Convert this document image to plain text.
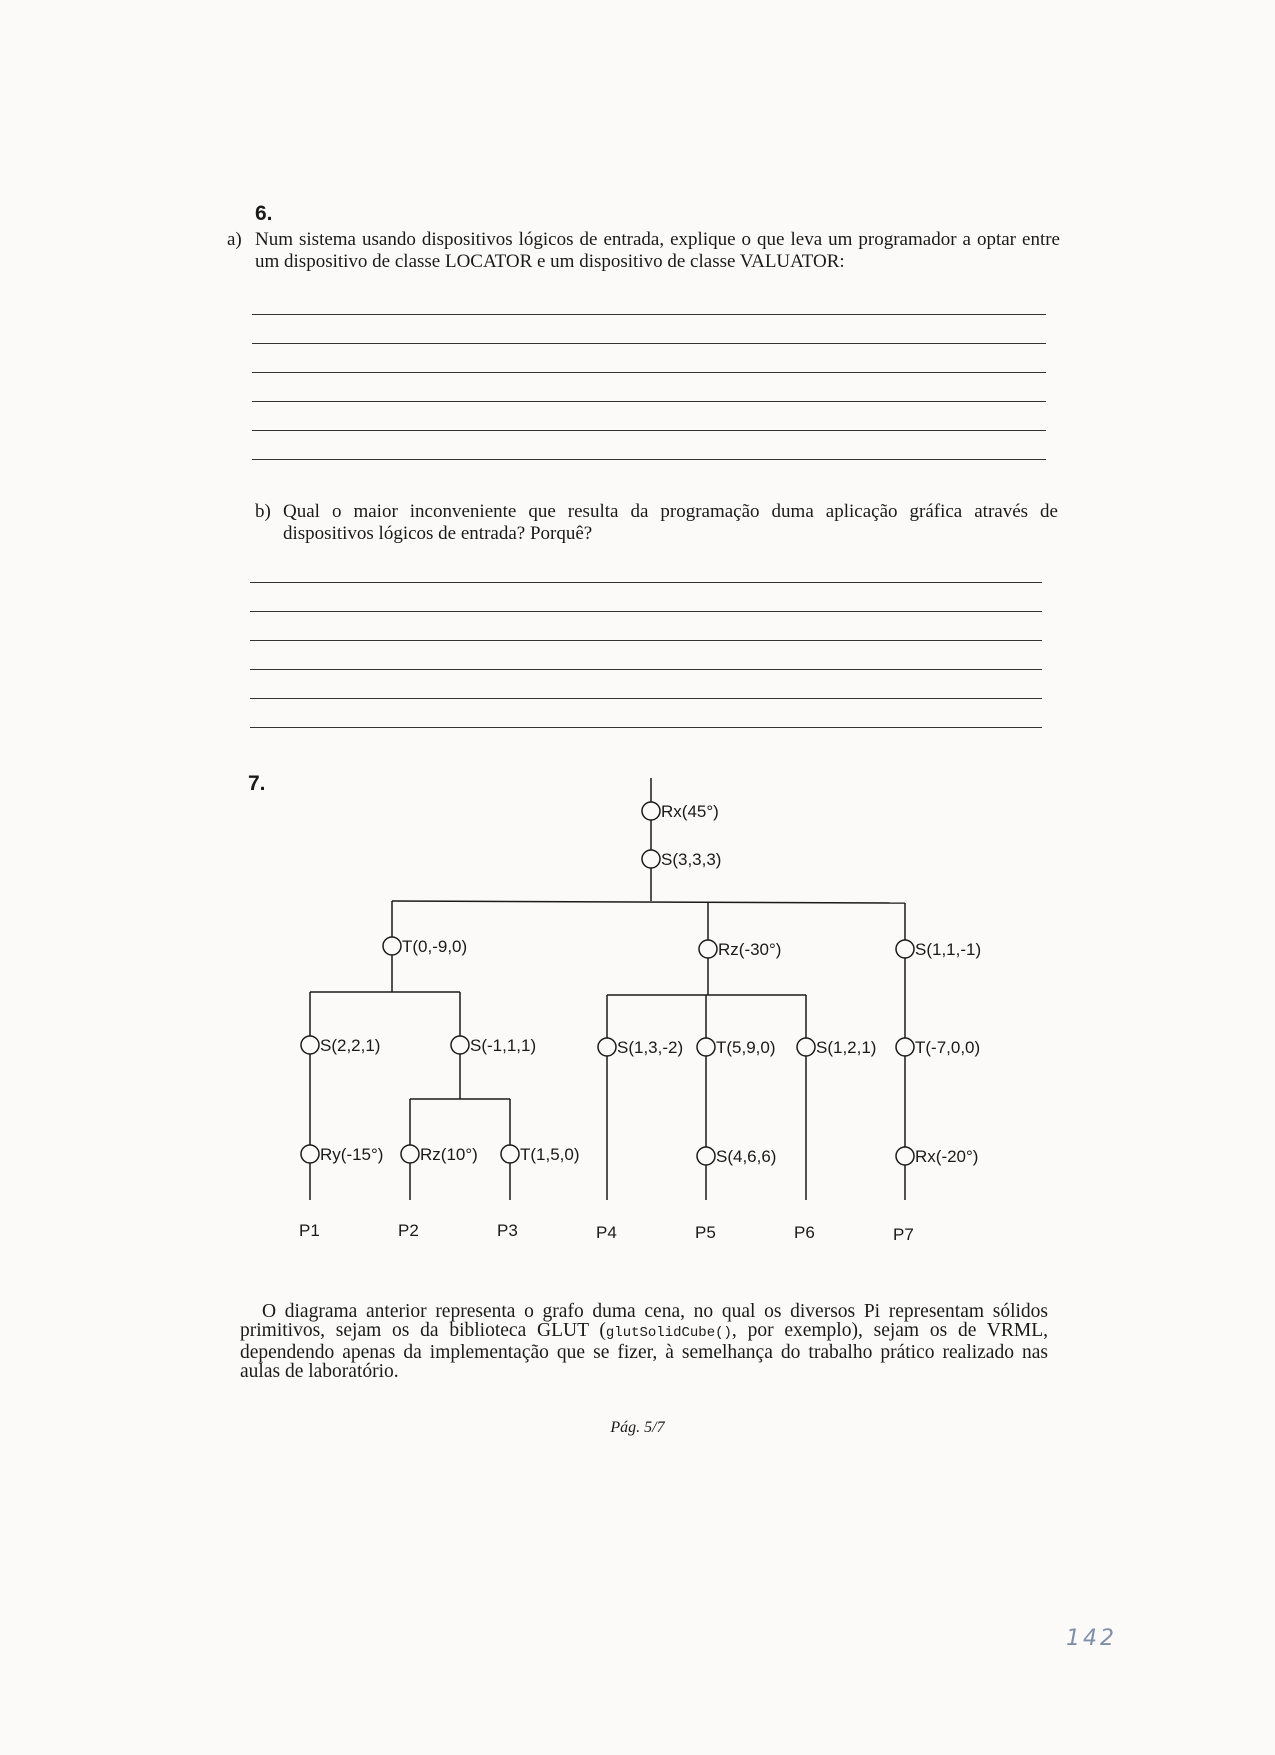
6.
a) Num sistema usando dispositivos lógicos de entrada, explique o que leva um programador a optar entre um dispositivo de classe LOCATOR e um dispositivo de classe VALUATOR:
b) Qual o maior inconveniente que resulta da programação duma aplicação gráfica através de dispositivos lógicos de entrada? Porquê?
7.
Rx(45°)
S(3,3,3)
T(0,-9,0)
S(2,2,1)
Ry(-15°)
S(-1,1,1)
Rz(10°) T(1,5,0)
Rz(-30°)
S(1,3,-2) T(5,9,0)
S(4,6,6)
S(1,2,1)
S(1,1,-1)
T(-7,0,0)
Rx(-20°)
P1	P2	P3	P4	P5	P6	P7
O diagrama anterior representa o grafo duma cena, no qual os diversos Pi representam sólidos primitivos, sejam os da biblioteca GLUT (glutSolidCube(), por exemplo), sejam os de VRML, dependendo apenas da implementação que se fizer, à semelhança do trabalho prático realizado nas aulas de laboratório.
Pág. 5/7
142
